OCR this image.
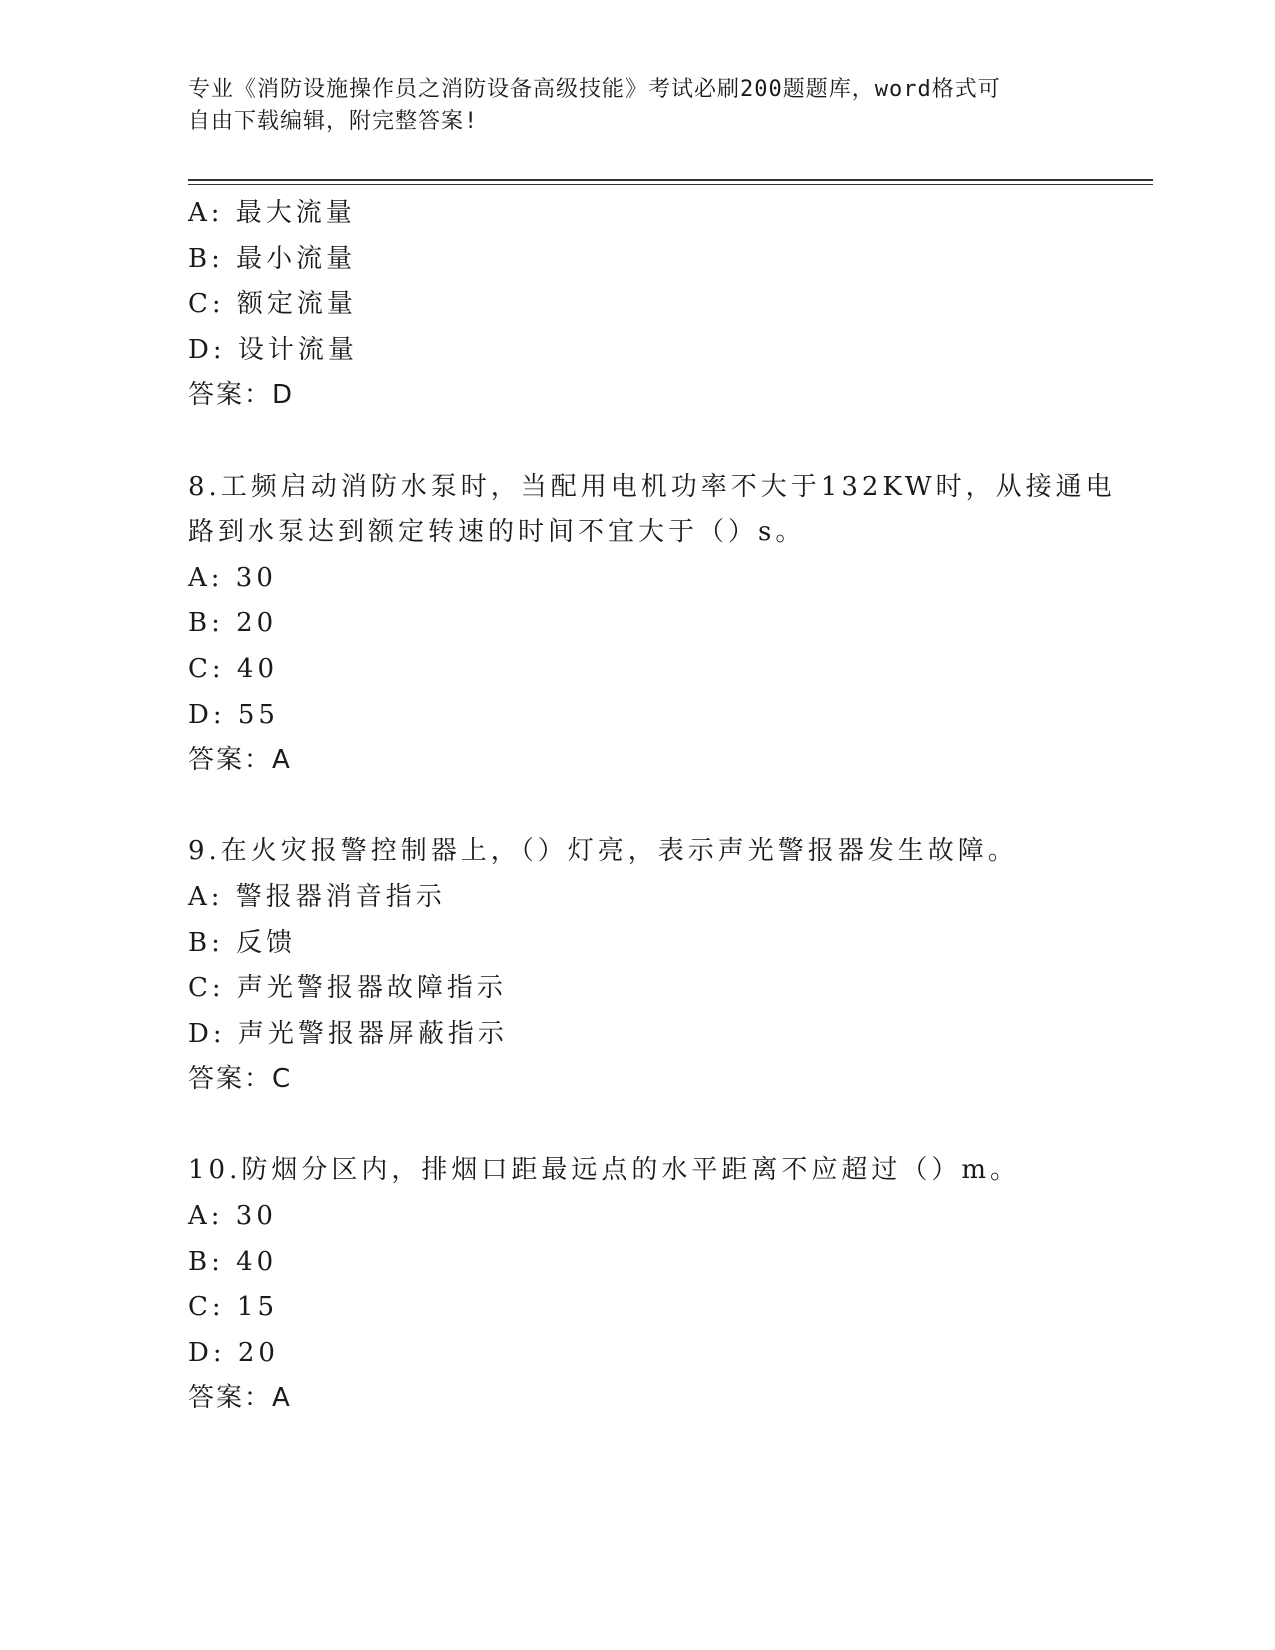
专业《消防设施操作员之消防设备高级技能》考试必刷200题题库，word格式可
自由下载编辑，附完整答案!
A: 最大流量
B: 最小流量
C: 额定流量
D: 设计流量
答案：D
8.工频启动消防水泵时，当配用电机功率不大于132KW时，从接通电
路到水泵达到额定转速的时间不宜大于（）s。
A: 30
B: 20
C: 40
D: 55
答案：A
9.在火灾报警控制器上，（）灯亮，表示声光警报器发生故障。
A: 警报器消音指示
B: 反馈
C: 声光警报器故障指示
D: 声光警报器屏蔽指示
答案：C
10.防烟分区内，排烟口距最远点的水平距离不应超过（）m。
A: 30
B: 40
C: 15
D: 20
答案：A
